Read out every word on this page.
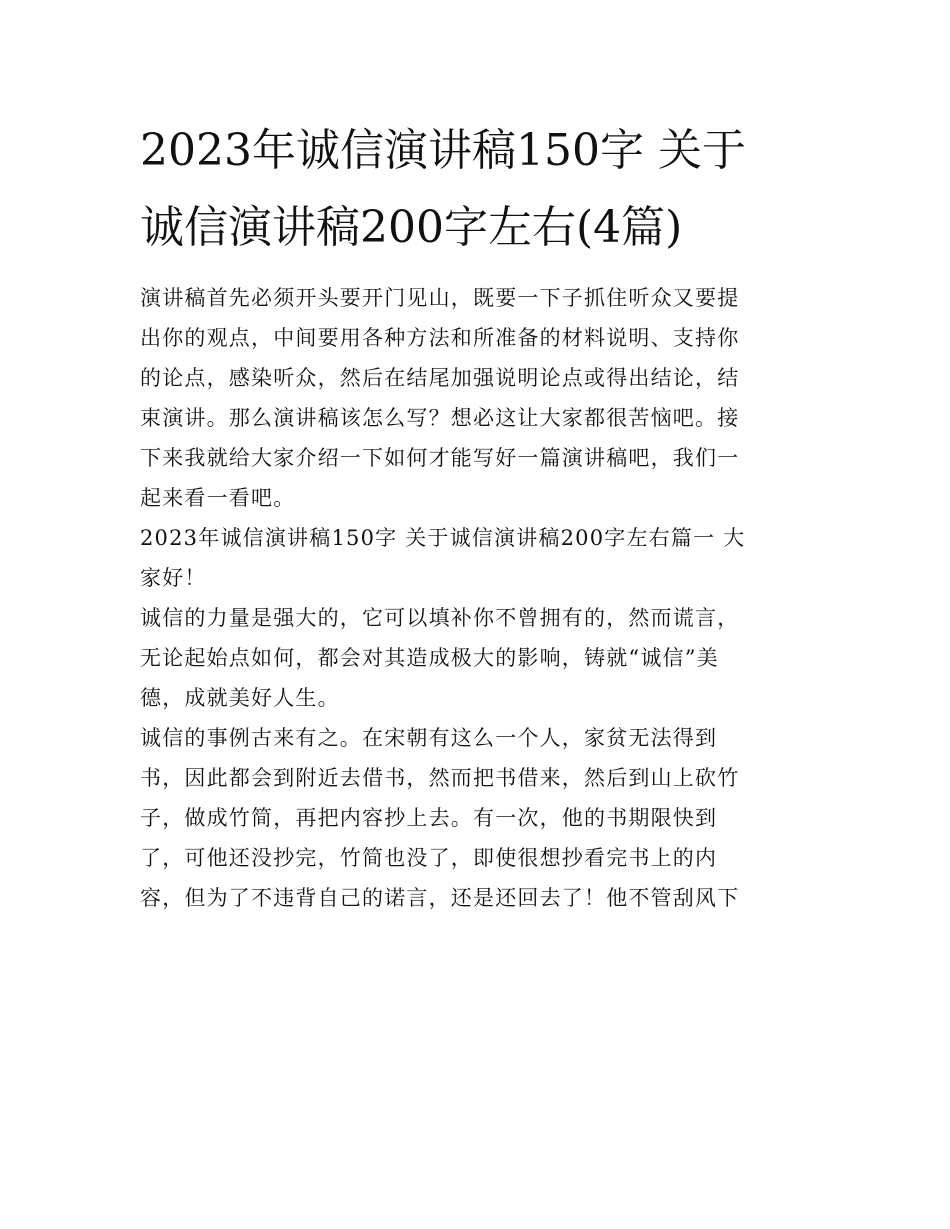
2023年诚信演讲稿150字 关于
诚信演讲稿200字左右(4篇)

演讲稿首先必须开头要开门见山，既要一下子抓住听众又要提
出你的观点，中间要用各种方法和所准备的材料说明、支持你
的论点，感染听众，然后在结尾加强说明论点或得出结论，结
束演讲。那么演讲稿该怎么写？想必这让大家都很苦恼吧。接
下来我就给大家介绍一下如何才能写好一篇演讲稿吧，我们一
起来看一看吧。

2023年诚信演讲稿150字 关于诚信演讲稿200字左右篇一 大
家好！

诚信的力量是强大的，它可以填补你不曾拥有的，然而谎言，
无论起始点如何，都会对其造成极大的影响，铸就“诚信”美
德，成就美好人生。

诚信的事例古来有之。在宋朝有这么一个人，家贫无法得到
书，因此都会到附近去借书，然而把书借来，然后到山上砍竹
子，做成竹简，再把内容抄上去。有一次，他的书期限快到
了，可他还没抄完，竹简也没了，即使很想抄看完书上的内
容，但为了不违背自己的诺言，还是还回去了！他不管刮风下
